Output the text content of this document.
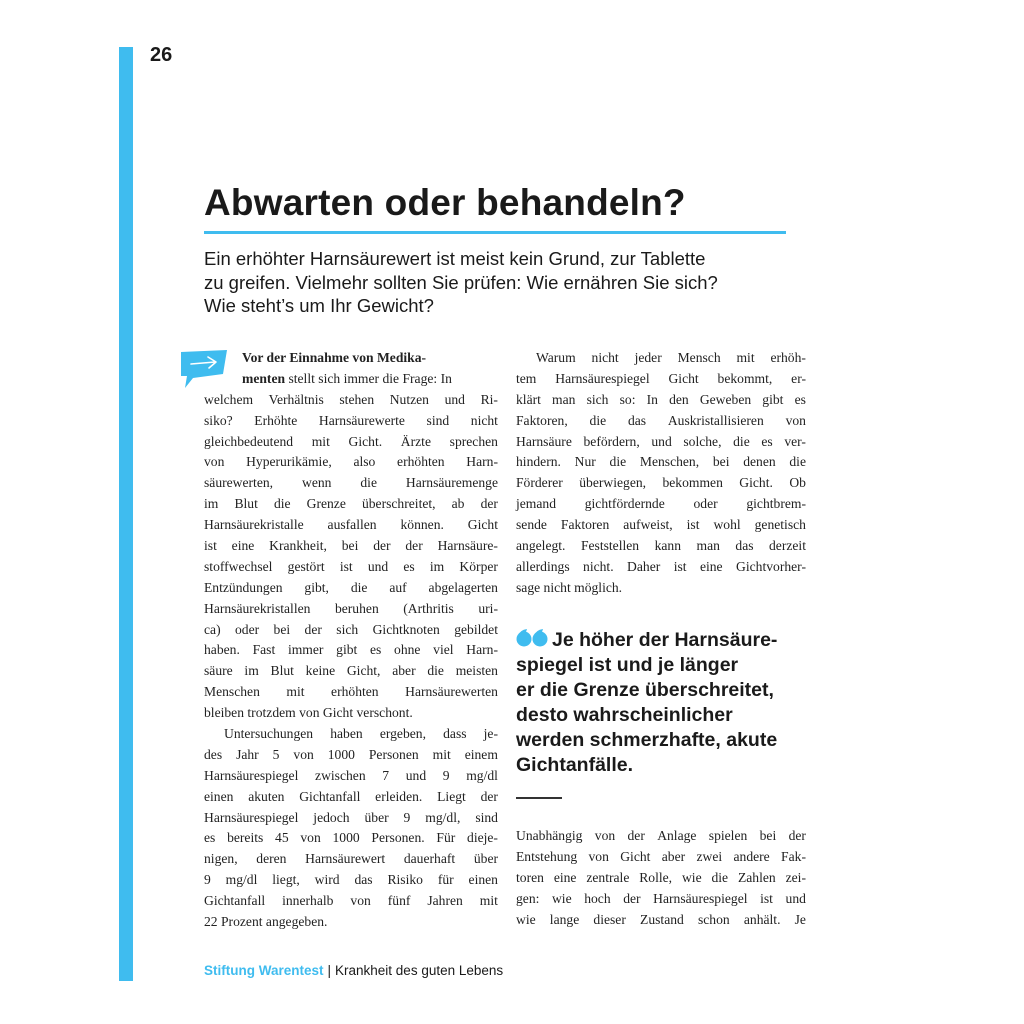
26
Abwarten oder behandeln?
Ein erhöhter Harnsäurewert ist meist kein Grund, zur Tablette
zu greifen. Vielmehr sollten Sie prüfen: Wie ernähren Sie sich?
Wie steht’s um Ihr Gewicht?
Vor der Einnahme von Medika-
menten stellt sich immer die Frage: In
welchem Verhältnis stehen Nutzen und Ri-
siko? Erhöhte Harnsäurewerte sind nicht
gleichbedeutend mit Gicht. Ärzte sprechen
von Hyperurikämie, also erhöhten Harn-
säurewerten, wenn die Harnsäuremenge
im Blut die Grenze überschreitet, ab der
Harnsäurekristalle ausfallen können. Gicht
ist eine Krankheit, bei der der Harnsäure-
stoffwechsel gestört ist und es im Körper
Entzündungen gibt, die auf abgelagerten
Harnsäurekristallen beruhen (Arthritis uri-
ca) oder bei der sich Gichtknoten gebildet
haben. Fast immer gibt es ohne viel Harn-
säure im Blut keine Gicht, aber die meisten
Menschen mit erhöhten Harnsäurewerten
bleiben trotzdem von Gicht verschont.
Untersuchungen haben ergeben, dass je-
des Jahr 5 von 1000 Personen mit einem
Harnsäurespiegel zwischen 7 und 9 mg/dl
einen akuten Gichtanfall erleiden. Liegt der
Harnsäurespiegel jedoch über 9 mg/dl, sind
es bereits 45 von 1000 Personen. Für dieje-
nigen, deren Harnsäurewert dauerhaft über
9 mg/dl liegt, wird das Risiko für einen
Gichtanfall innerhalb von fünf Jahren mit
22 Prozent angegeben.
Warum nicht jeder Mensch mit erhöh-
tem Harnsäurespiegel Gicht bekommt, er-
klärt man sich so: In den Geweben gibt es
Faktoren, die das Auskristallisieren von
Harnsäure befördern, und solche, die es ver-
hindern. Nur die Menschen, bei denen die
Förderer überwiegen, bekommen Gicht. Ob
jemand gichtfördernde oder gichtbrem-
sende Faktoren aufweist, ist wohl genetisch
angelegt. Feststellen kann man das derzeit
allerdings nicht. Daher ist eine Gichtvorher-
sage nicht möglich.
Je höher der Harnsäure-
spiegel ist und je länger
er die Grenze überschreitet,
desto wahrscheinlicher
werden schmerzhafte, akute
Gichtanfälle.
Unabhängig von der Anlage spielen bei der
Entstehung von Gicht aber zwei andere Fak-
toren eine zentrale Rolle, wie die Zahlen zei-
gen: wie hoch der Harnsäurespiegel ist und
wie lange dieser Zustand schon anhält. Je
Stiftung Warentest | Krankheit des guten Lebens
